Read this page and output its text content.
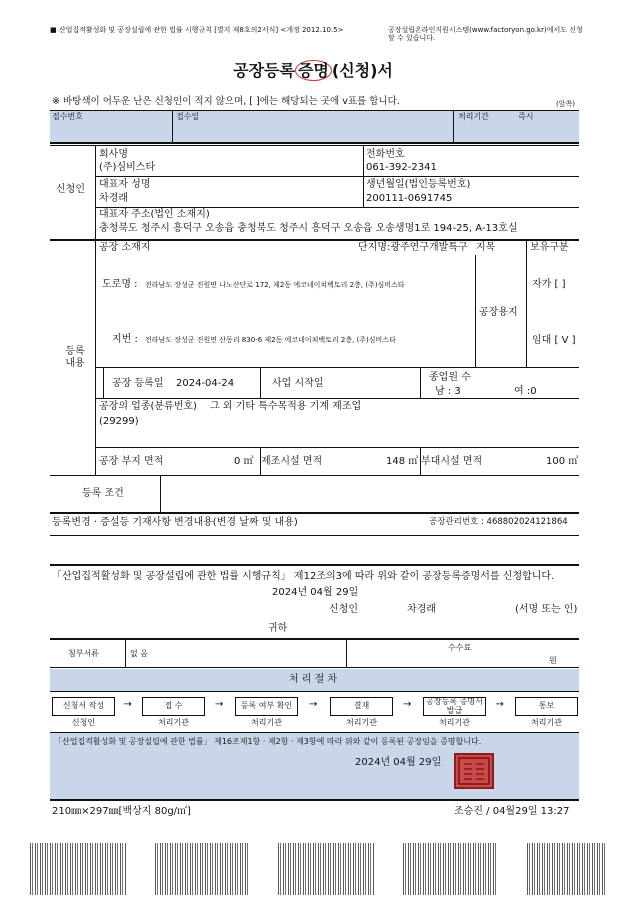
■ 산업집적활성화 및 공장설립에 관한 법률 시행규칙 [별지 제8호의2서식] <개정 2012.10.5>	공장설립온라인지원시스템(www.factoryon.go.kr)에서도 신청할 수 있습니다.
공장등록 증명 (신청)서
※ 바탕색이 어두운 난은 신청인이 적지 않으며, [ ]에는 해당되는 곳에 v표를 합니다.	(앞쪽)
접수번호	접수일	처리기간	즉시
신청인
회사명
(주)심비스타
전화번호
061-392-2341
대표자 성명
차경래
생년월일(법인등록번호)
200111-0691745
대표자 주소(법인 소재지)
충청북도 청주시 흥덕구 오송읍 충청북도 청주시 흥덕구 오송읍 오송생명1로 194-25, A-13호실
등록 내용
공장 소재지	단지명:광주연구개발특구 지목	보유구분
도로명 : 전라남도 장성군 진원면 나노산단로 172, 제2동 에코네이쳐백토리 2층, (주)심비스타
지번 : 전라남도 장성군 진원면 산동리 830-6 제2동 에코네이쳐백토리 2층, (주)심비스타
공장용지
자가 [ ]
임대 [ V ]
공장 등록일 2024-04-24	사업 시작일
종업원 수
남 : 3	여 :0
공장의 업종(분류번호) 그 외 기타 특수목적용 기계 제조업
(29299)
공장 부지 면적	0 ㎡ 제조시설 면적	148 ㎡ 부대시설 면적	100 ㎡
등록 조건
등록변경 · 증설등 기재사항 변경내용(변경 날짜 및 내용)	공장관리번호 : 468802024121864
「산업집적활성화 및 공장설립에 관한 법률 시행규칙」 제12조의3에 따라 위와 같이 공장등록증명서를 신청합니다.
2024년 04월 29일
신청인	차경래	(서명 또는 인)
귀하
첨부서류	없 음
수수료
원
처 리 절 차
신청서 작성
신청인
→	접 수
처리기관
→	등록 여부 확인
처리기관
→	결재
처리기관
→	공장등록 증명서발급
처리기관
→	통보
처리기관
「산업집적활성화 및 공장설립에 관한 법률」 제16조제1항 · 제2항 · 제3항에 따라 위와 같이 등록된 공장임을 증명합니다.
2024년 04월 29일
210㎜×297㎜[백상지 80g/㎡]	조승진 / 04월29일 13:27
